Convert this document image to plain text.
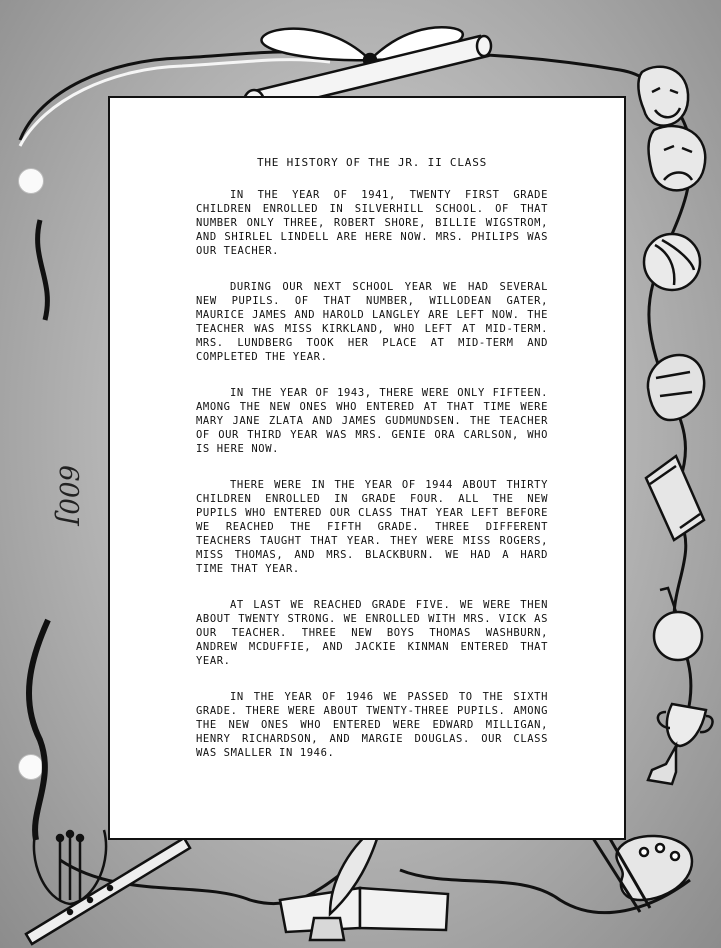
600J
THE HISTORY OF THE JR. II CLASS

IN THE YEAR OF 1941, TWENTY FIRST GRADE CHILDREN ENROLLED IN SILVERHILL SCHOOL. OF THAT NUMBER ONLY THREE, ROBERT SHORE, BILLIE WIGSTROM, AND SHIRLEL LINDELL ARE HERE NOW. MRS. PHILIPS WAS OUR TEACHER.

DURING OUR NEXT SCHOOL YEAR WE HAD SEVERAL NEW PUPILS. OF THAT NUMBER, WILLODEAN GATER, MAURICE JAMES AND HAROLD LANGLEY ARE LEFT NOW. THE TEACHER WAS MISS KIRKLAND, WHO LEFT AT MID-TERM. MRS. LUNDBERG TOOK HER PLACE AT MID-TERM AND COMPLETED THE YEAR.

IN THE YEAR OF 1943, THERE WERE ONLY FIFTEEN. AMONG THE NEW ONES WHO ENTERED AT THAT TIME WERE MARY JANE ZLATA AND JAMES GUDMUNDSEN. THE TEACHER OF OUR THIRD YEAR WAS MRS. GENIE ORA CARLSON, WHO IS HERE NOW.

THERE WERE IN THE YEAR OF 1944 ABOUT THIRTY CHILDREN ENROLLED IN GRADE FOUR. ALL THE NEW PUPILS WHO ENTERED OUR CLASS THAT YEAR LEFT BEFORE WE REACHED THE FIFTH GRADE. THREE DIFFERENT TEACHERS TAUGHT THAT YEAR. THEY WERE MISS ROGERS, MISS THOMAS, AND MRS. BLACKBURN. WE HAD A HARD TIME THAT YEAR.

AT LAST WE REACHED GRADE FIVE. WE WERE THEN ABOUT TWENTY STRONG. WE ENROLLED WITH MRS. VICK AS OUR TEACHER. THREE NEW BOYS THOMAS WASHBURN, ANDREW MCDUFFIE, AND JACKIE KINMAN ENTERED THAT YEAR.

IN THE YEAR OF 1946 WE PASSED TO THE SIXTH GRADE. THERE WERE ABOUT TWENTY-THREE PUPILS. AMONG THE NEW ONES WHO ENTERED WERE EDWARD MILLIGAN, HENRY RICHARDSON, AND MARGIE DOUGLAS. OUR CLASS WAS SMALLER IN 1946.
